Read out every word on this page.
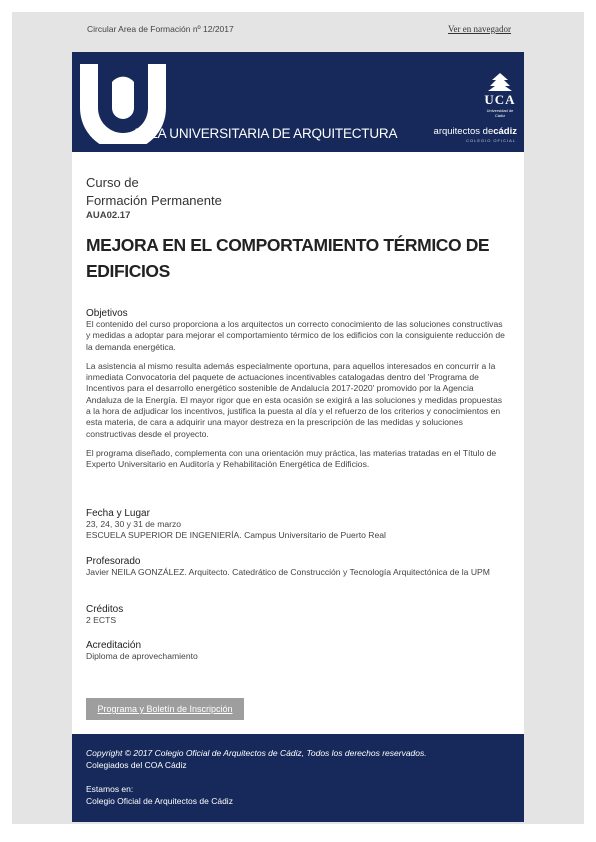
Circular Area de Formación nº 12/2017	Ver en navegador
AULA UNIVERSITARIA DE ARQUITECTURA
UCA
Universidad de Cádiz
arquitectos decádiz
COLEGIO OFICIAL
Curso de
Formación Permanente
AUA02.17
MEJORA EN EL COMPORTAMIENTO TÉRMICO DE EDIFICIOS

Objetivos

El contenido del curso proporciona a los arquitectos un correcto conocimiento de las soluciones constructivas y medidas a adoptar para mejorar el comportamiento térmico de los edificios con la consiguiente reducción de la demanda energética.

La asistencia al mismo resulta además especialmente oportuna, para aquellos interesados en concurrir a la inmediata Convocatoria del paquete de actuaciones incentivables catalogadas dentro del 'Programa de Incentivos para el desarrollo energético sostenible de Andalucía 2017-2020' promovido por la Agencia Andaluza de la Energía. El mayor rigor que en esta ocasión se exigirá a las soluciones y medidas propuestas a la hora de adjudicar los incentivos, justifica la puesta al día y el refuerzo de los criterios y conocimientos en esta materia, de cara a adquirir una mayor destreza en la prescripción de las medidas y soluciones constructivas desde el proyecto.

El programa diseñado, complementa con una orientación muy práctica, las materias tratadas en el Título de Experto Universitario en Auditoría y Rehabilitación Energética de Edificios.

Fecha y Lugar

23, 24, 30 y 31 de marzo

ESCUELA SUPERIOR DE INGENIERÍA. Campus Universitario de Puerto Real

Profesorado

Javier NEILA GONZÁLEZ. Arquitecto. Catedrático de Construcción y Tecnología Arquitectónica de la UPM

Créditos

2 ECTS

Acreditación

Diploma de aprovechamiento

Programa y Boletín de Inscripción
Copyright © 2017 Colegio Oficial de Arquitectos de Cádiz, Todos los derechos reservados.
Colegiados del COA Cádiz
Estamos en:
Colegio Oficial de Arquitectos de Cádiz
